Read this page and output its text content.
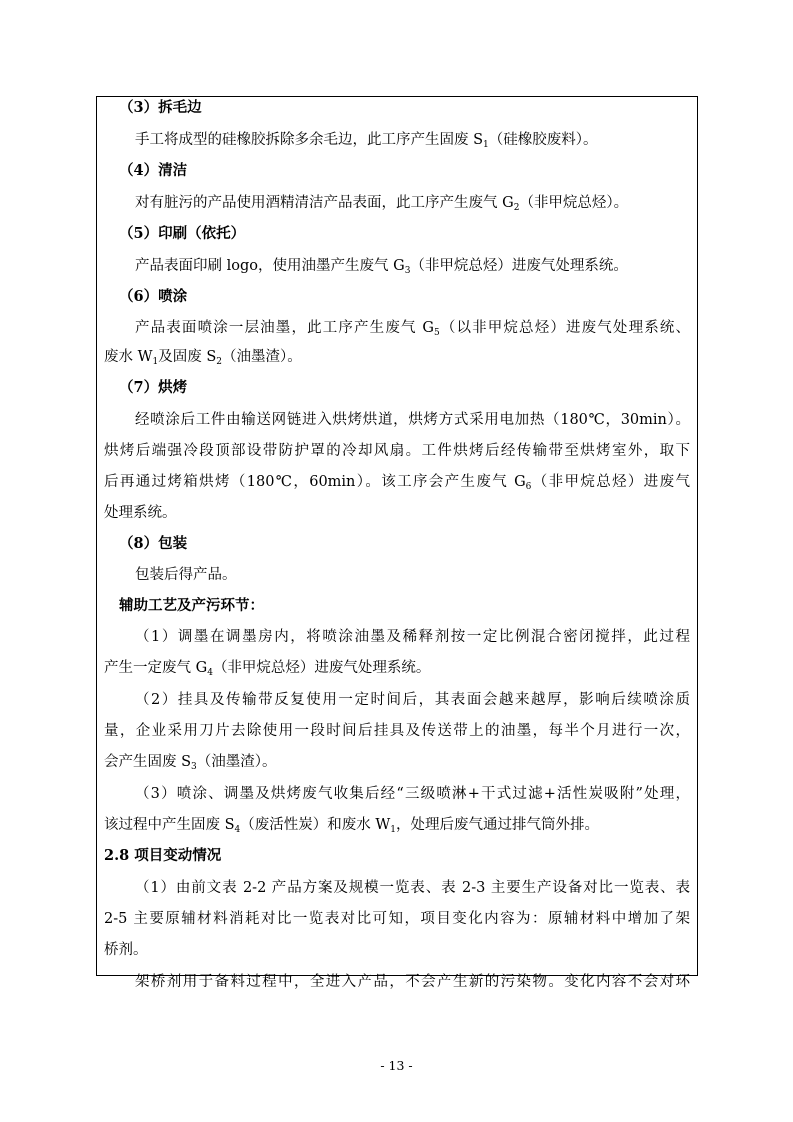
（3）拆毛边
手工将成型的硅橡胶拆除多余毛边，此工序产生固废 $S_1$（硅橡胶废料）。
（4）清洁
对有脏污的产品使用酒精清洁产品表面，此工序产生废气 $G_2$（非甲烷总烃）。
（5）印刷（依托）
产品表面印刷 logo，使用油墨产生废气 $G_3$（非甲烷总烃）进废气处理系统。
（6）喷涂
产品表面喷涂一层油墨，此工序产生废气 $G_5$（以非甲烷总烃）进废气处理系统、
废水 $W_1$及固废 $S_2$（油墨渣）。
（7）烘烤
经喷涂后工件由输送网链进入烘烤烘道，烘烤方式采用电加热（180℃，30min）。
烘烤后端强冷段顶部设带防护罩的冷却风扇。工件烘烤后经传输带至烘烤室外，取下
后再通过烤箱烘烤（180℃，60min）。该工序会产生废气 $G_6$（非甲烷总烃）进废气
处理系统。
（8）包装
包装后得产品。
辅助工艺及产污环节：
（1）调墨在调墨房内，将喷涂油墨及稀释剂按一定比例混合密闭搅拌，此过程
产生一定废气 $G_4$（非甲烷总烃）进废气处理系统。
（2）挂具及传输带反复使用一定时间后，其表面会越来越厚，影响后续喷涂质
量，企业采用刀片去除使用一段时间后挂具及传送带上的油墨，每半个月进行一次，
会产生固废 $S_3$（油墨渣）。
（3）喷涂、调墨及烘烤废气收集后经“三级喷淋+干式过滤+活性炭吸附”处理，
该过程中产生固废 $S_4$（废活性炭）和废水 $W_1$，处理后废气通过排气筒外排。
2.8 项目变动情况
（1）由前文表 2-2 产品方案及规模一览表、表 2-3 主要生产设备对比一览表、表
2-5 主要原辅材料消耗对比一览表对比可知，项目变化内容为：原辅材料中增加了架
桥剂。
架桥剂用于备料过程中，全进入产品，不会产生新的污染物。变化内容不会对环
- 13 -
